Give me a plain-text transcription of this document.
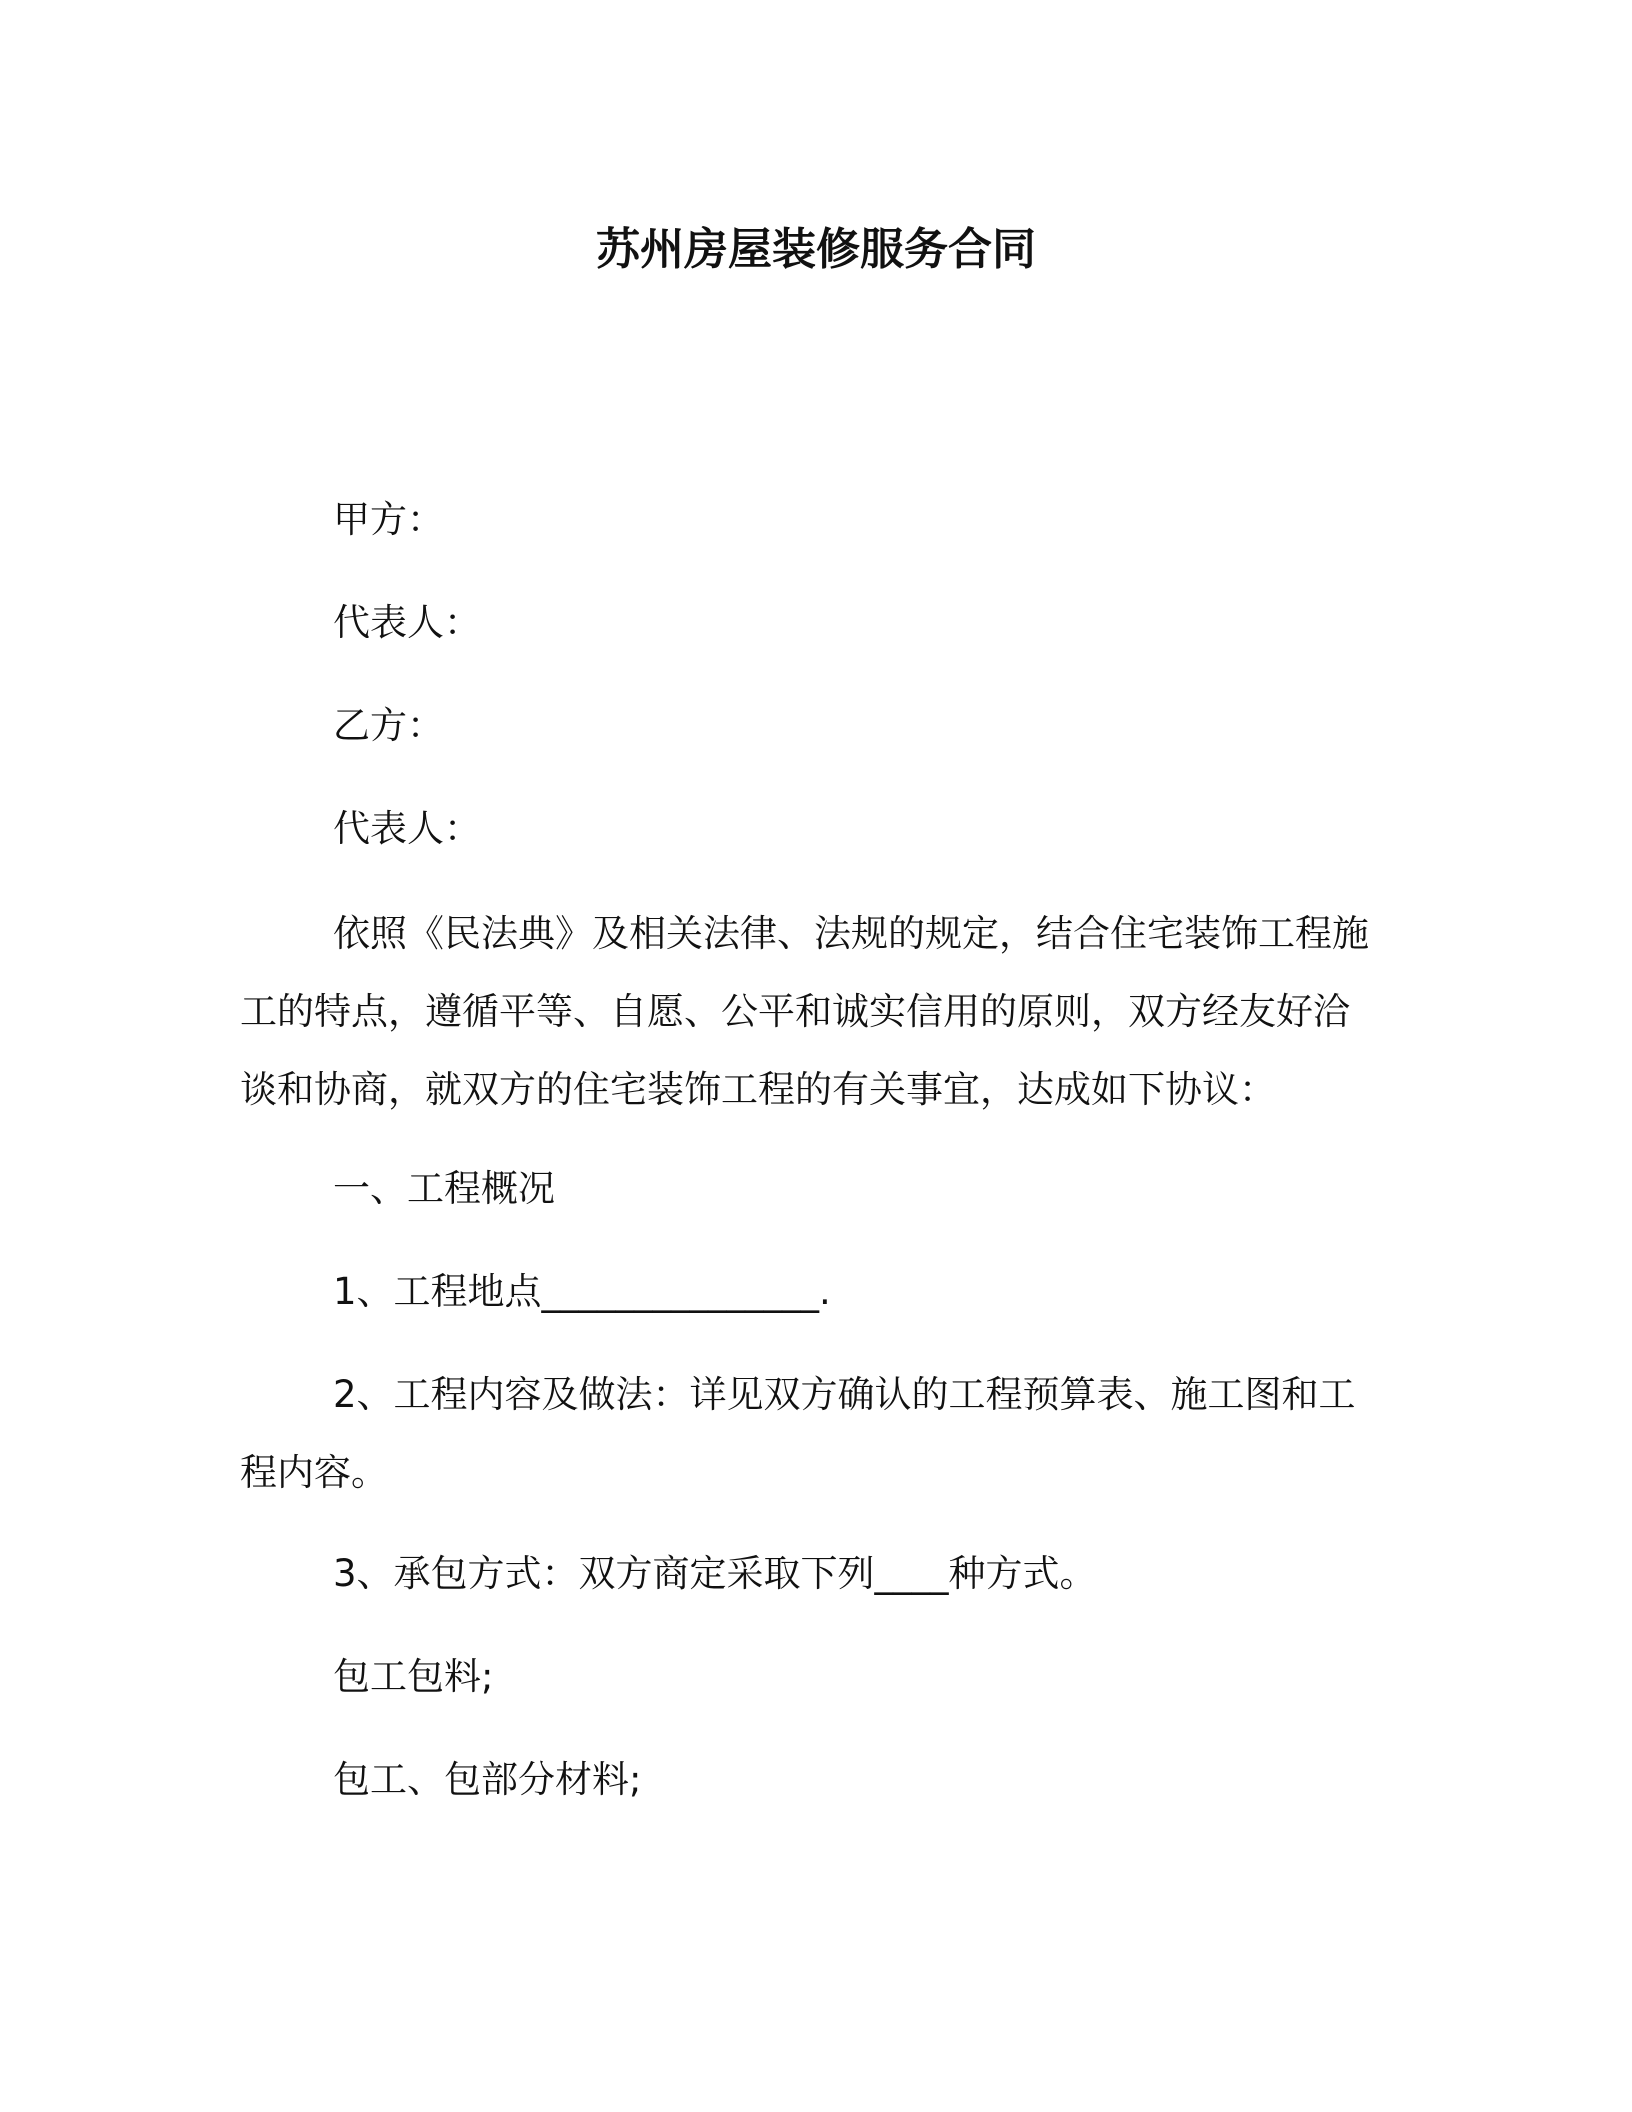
苏州房屋装修服务合同
甲方：
代表人：
乙方：
代表人：
依照《民法典》及相关法律、法规的规定，结合住宅装饰工程施
工的特点，遵循平等、自愿、公平和诚实信用的原则，双方经友好洽
谈和协商，就双方的住宅装饰工程的有关事宜，达成如下协议：
一、工程概况
1、工程地点_______________.
2、工程内容及做法：详见双方确认的工程预算表、施工图和工
程内容。
3、承包方式：双方商定采取下列____种方式。
包工包料;
包工、包部分材料;
